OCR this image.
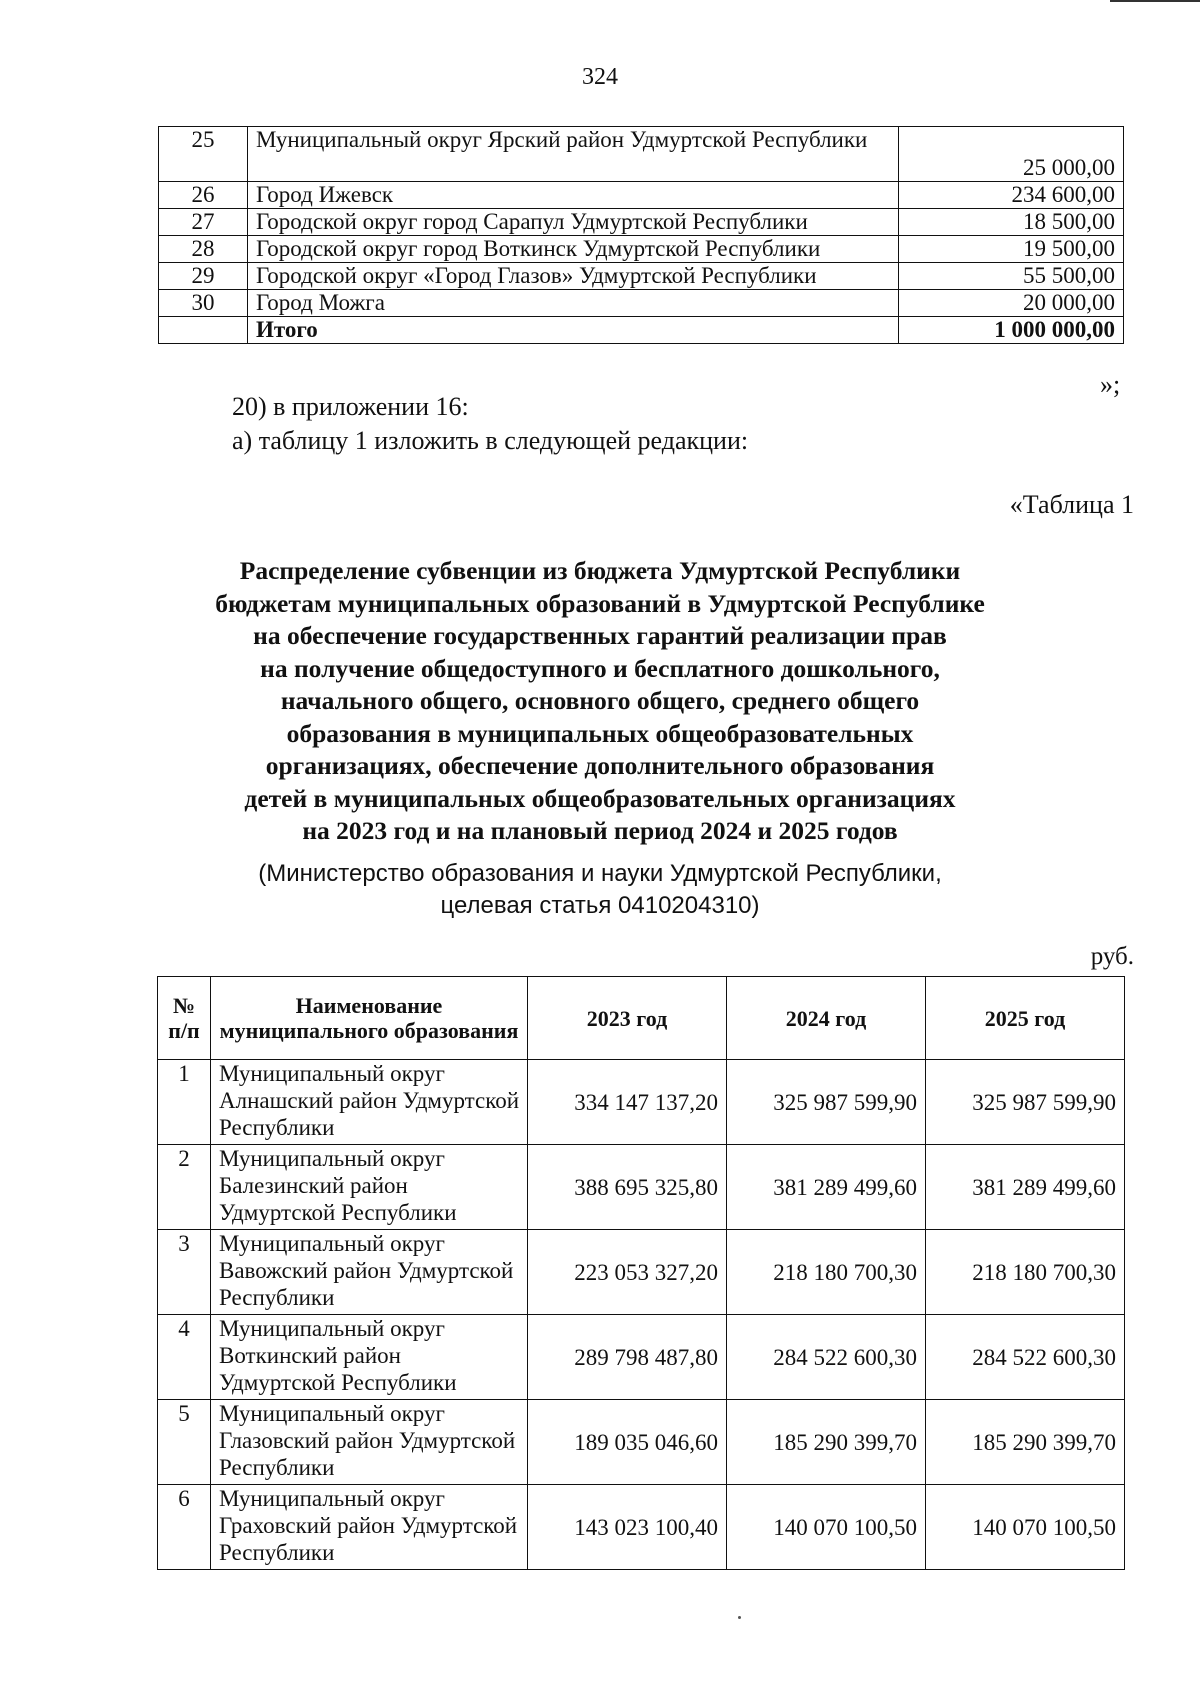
324
25	Муниципальный округ Ярский район Удмуртской Республики	25 000,00
26	Город Ижевск	234 600,00
27	Городской округ город Сарапул Удмуртской Республики	18 500,00
28	Городской округ город Воткинск Удмуртской Республики	19 500,00
29	Городской округ «Город Глазов» Удмуртской Республики	55 500,00
30	Город Можга	20 000,00
	Итого	1 000 000,00
»;
20) в приложении 16:
а) таблицу 1 изложить в следующей редакции:
«Таблица 1
Распределение субвенции из бюджета Удмуртской Республики
бюджетам муниципальных образований в Удмуртской Республике
на обеспечение государственных гарантий реализации прав
на получение общедоступного и бесплатного дошкольного,
начального общего, основного общего, среднего общего
образования в муниципальных общеобразовательных
организациях, обеспечение дополнительного образования
детей в муниципальных общеобразовательных организациях
на 2023 год и на плановый период 2024 и 2025 годов
(Министерство образования и науки Удмуртской Республики,
целевая статья 0410204310)
руб.
№ п/п	Наименование муниципального образования	2023 год	2024 год	2025 год
1	Муниципальный округ Алнашский район Удмуртской Республики	334 147 137,20	325 987 599,90	325 987 599,90
2	Муниципальный округ Балезинский район Удмуртской Республики	388 695 325,80	381 289 499,60	381 289 499,60
3	Муниципальный округ Вавожский район Удмуртской Республики	223 053 327,20	218 180 700,30	218 180 700,30
4	Муниципальный округ Воткинский район Удмуртской Республики	289 798 487,80	284 522 600,30	284 522 600,30
5	Муниципальный округ Глазовский район Удмуртской Республики	189 035 046,60	185 290 399,70	185 290 399,70
6	Муниципальный округ Граховский район Удмуртской Республики	143 023 100,40	140 070 100,50	140 070 100,50
